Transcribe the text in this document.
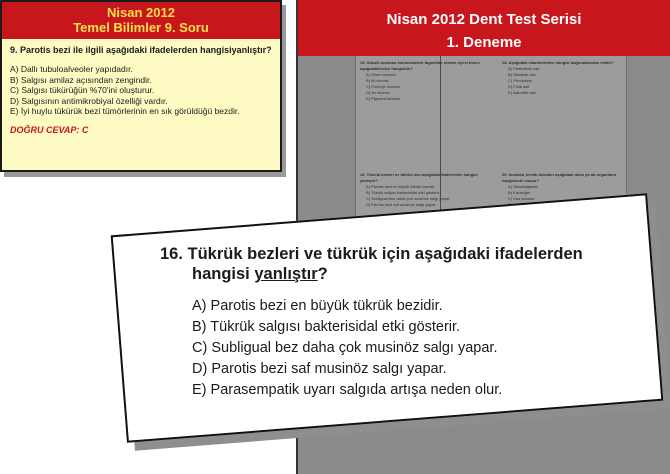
Nisan 2012
Temel Bilimler 9. Soru
9. Parotis bezi ile ilgili aşağıdaki ifadelerden hangisiyanlıştır?
A) Dallı tubuloalveoler yapıdadır.
B) Salgısı amilaz açısından zengindir.
C) Salgısı tükürüğün %70'ini oluşturur.
D) Salgısının antimikrobiyal özelliği vardır.
E) İyi huylu tükürük bezi tümörlerinin en sık görüldüğü bezdir.
DOĞRU CEVAP: C
Nisan 2012 Dent Test Serisi
1. Deneme
15. Sitozik bulunan monomokleer fagositler sistem üyesi hücre aşağıdakilerden hangisidir?
A) Olsen hücresi
B) M hücresi
C) Purkinje hücresi
D) Ito hücresi
E) Pigment hücresi
18. Aşağıdaki vitaminlerden hangisi bağırsaklardan emilir?
A) Pantotenik asit
B) Nikotinik asit
C) Pirodoksin
D) Folik asit
E) Askorbik asit
16. Tükrük bezleri ve tükrük için aşağıdaki ifadelerden hangisi yanlıştır?
A) Parotis bezi en büyük tükrük bezidir.
B) Tükrük salgısı bakterisidal etki gösterir.
C) Subligual bez daha çok musinöz salgı yapar.
D) Parotis bezi saf musinöz salgı yapar.
20. İnsanda, kemik dokuları aşağıdaki doku ya da organların hangisinde oluşur?
A) Seksbağlantılı
B) Karaciğer
C) Kas dokusu
16. Tükrük bezleri ve tükrük için aşağıdaki ifadelerden
hangisi yanlıştır?
A) Parotis bezi en büyük tükrük bezidir.
B) Tükrük salgısı bakterisidal etki gösterir.
C) Subligual bez daha çok musinöz salgı yapar.
D) Parotis bezi saf musinöz salgı yapar.
E) Parasempatik uyarı salgıda artışa neden olur.
